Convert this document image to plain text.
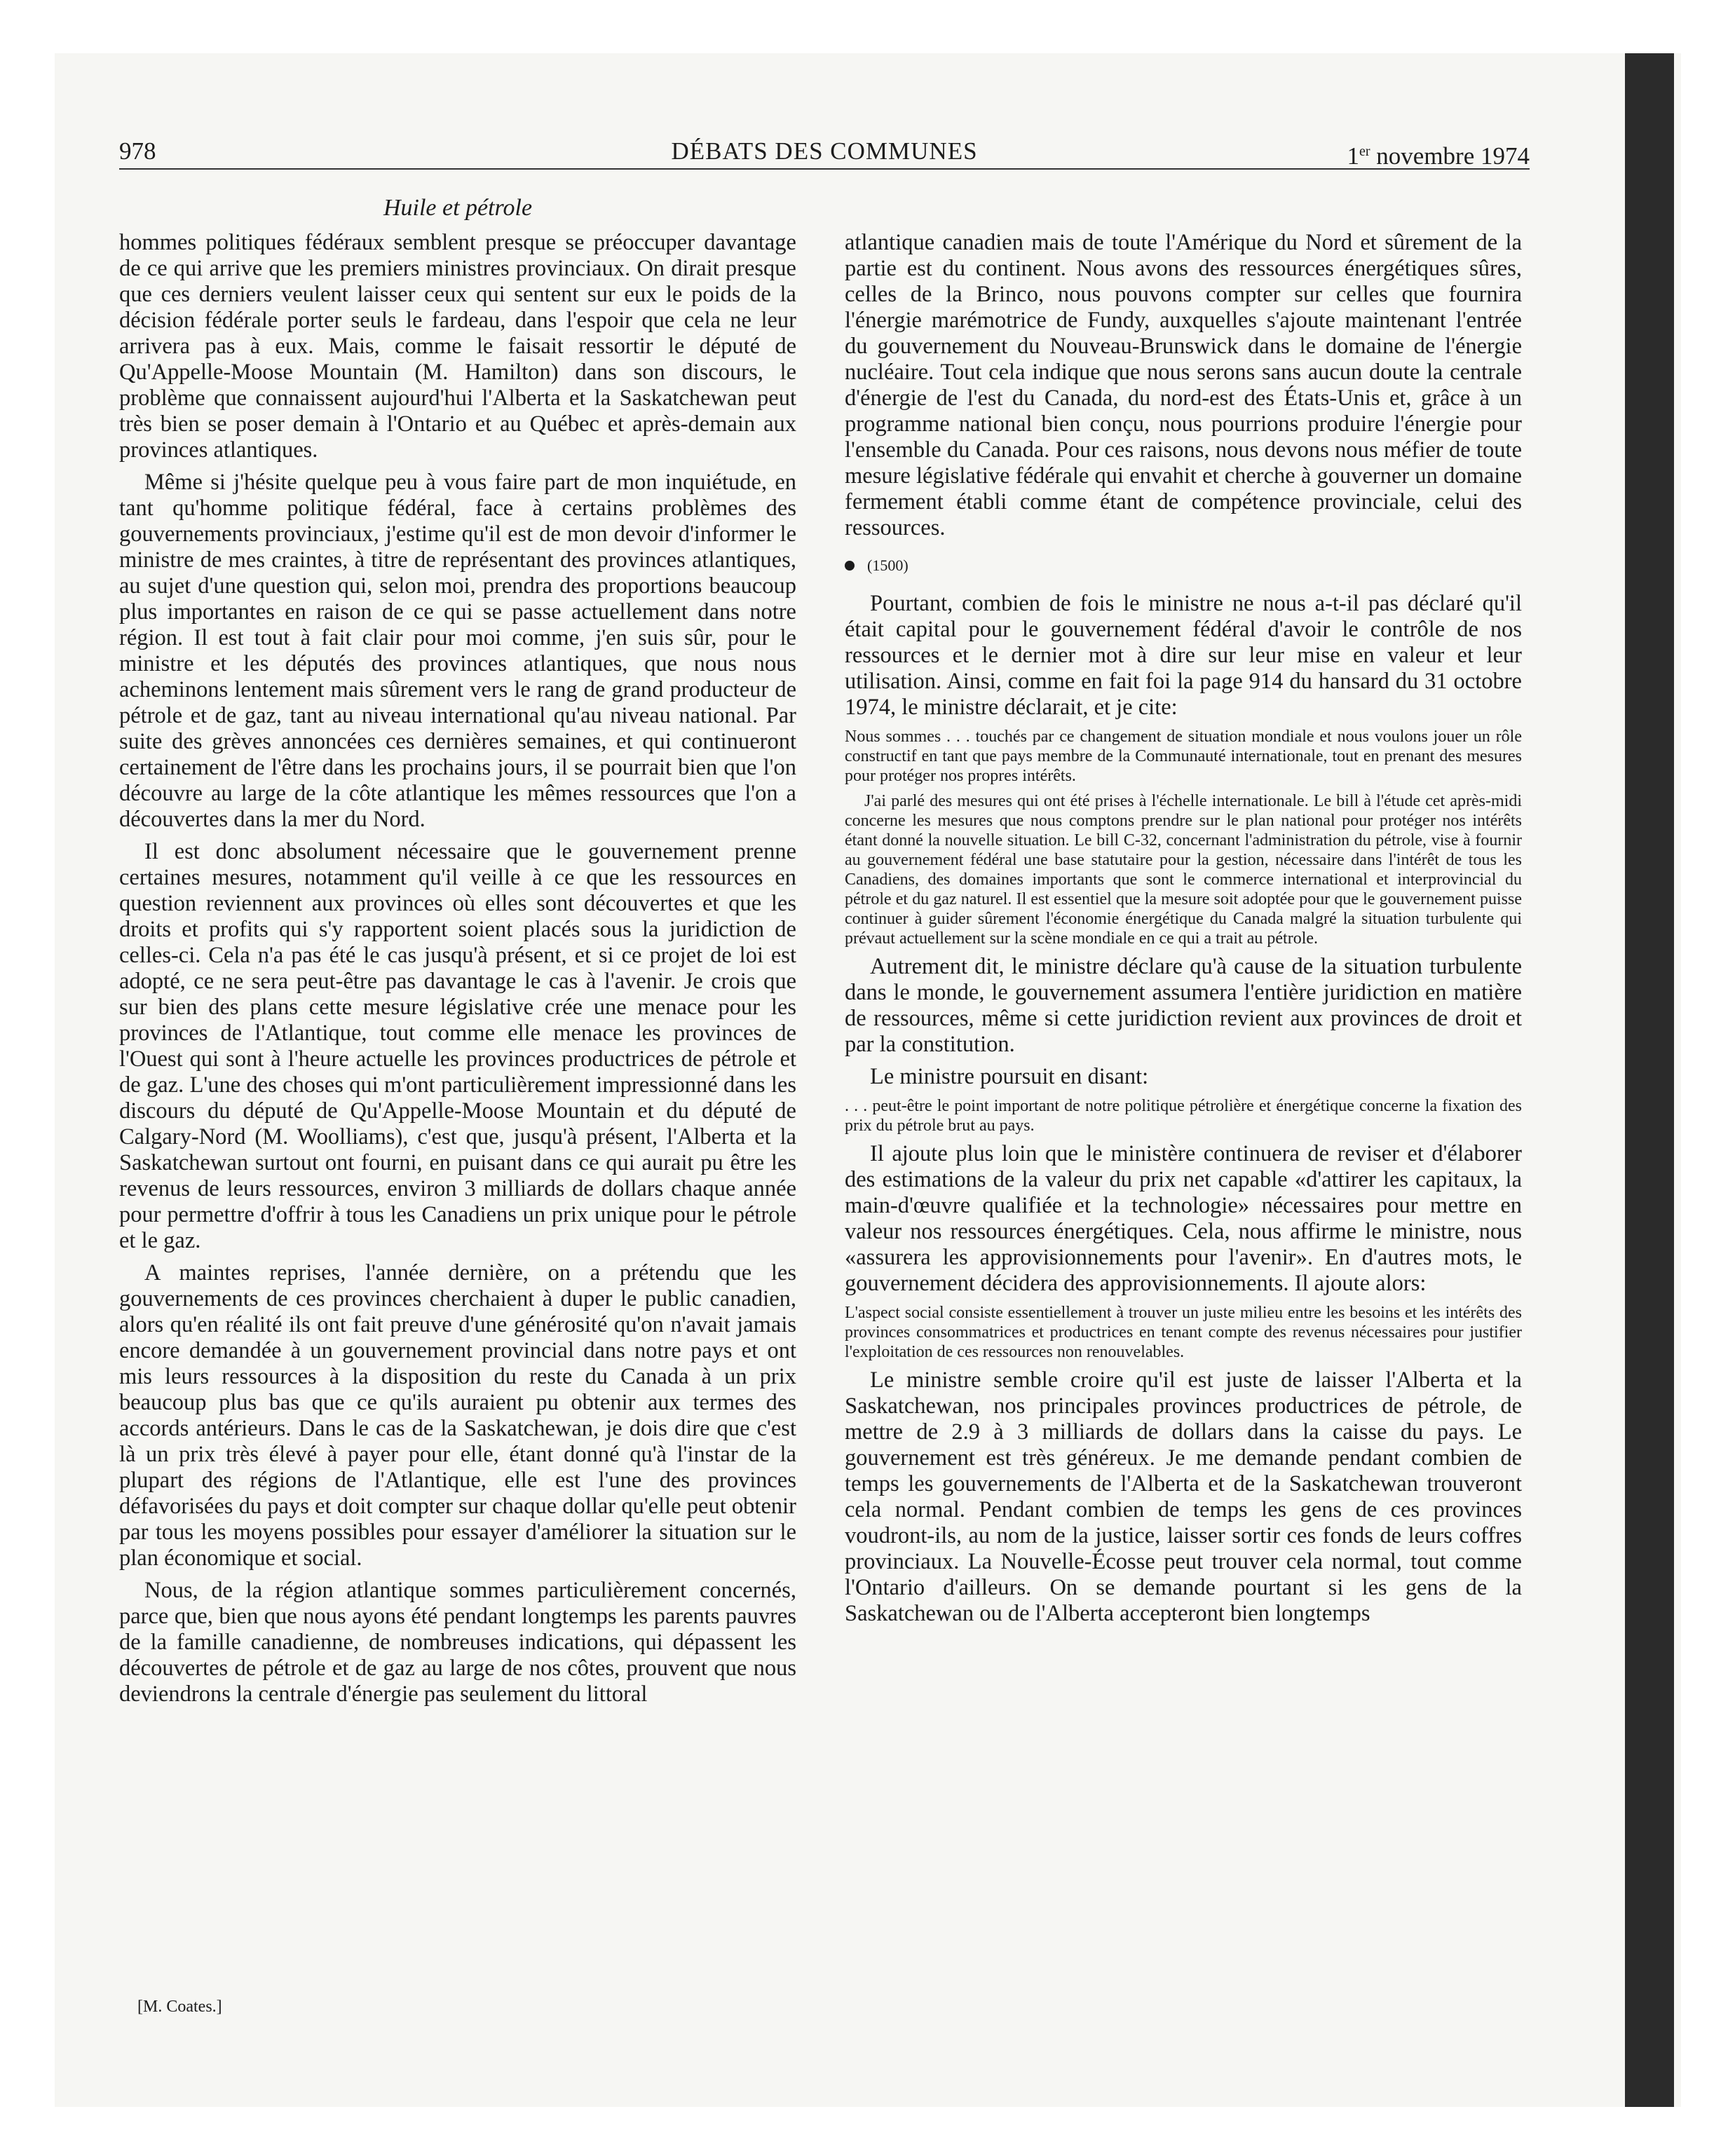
978	DÉBATS DES COMMUNES	1er novembre 1974
Huile et pétrole

hommes politiques fédéraux semblent presque se préoccuper davantage de ce qui arrive que les premiers ministres provinciaux. On dirait presque que ces derniers veulent laisser ceux qui sentent sur eux le poids de la décision fédérale porter seuls le fardeau, dans l'espoir que cela ne leur arrivera pas à eux. Mais, comme le faisait ressortir le député de Qu'Appelle-Moose Mountain (M. Hamilton) dans son discours, le problème que connaissent aujourd'hui l'Alberta et la Saskatchewan peut très bien se poser demain à l'Ontario et au Québec et après-demain aux provinces atlantiques.

Même si j'hésite quelque peu à vous faire part de mon inquiétude, en tant qu'homme politique fédéral, face à certains problèmes des gouvernements provinciaux, j'estime qu'il est de mon devoir d'informer le ministre de mes craintes, à titre de représentant des provinces atlantiques, au sujet d'une question qui, selon moi, prendra des proportions beaucoup plus importantes en raison de ce qui se passe actuellement dans notre région. Il est tout à fait clair pour moi comme, j'en suis sûr, pour le ministre et les députés des provinces atlantiques, que nous nous acheminons lentement mais sûrement vers le rang de grand producteur de pétrole et de gaz, tant au niveau international qu'au niveau national. Par suite des grèves annoncées ces dernières semaines, et qui continueront certainement de l'être dans les prochains jours, il se pourrait bien que l'on découvre au large de la côte atlantique les mêmes ressources que l'on a découvertes dans la mer du Nord.

Il est donc absolument nécessaire que le gouvernement prenne certaines mesures, notamment qu'il veille à ce que les ressources en question reviennent aux provinces où elles sont découvertes et que les droits et profits qui s'y rapportent soient placés sous la juridiction de celles-ci. Cela n'a pas été le cas jusqu'à présent, et si ce projet de loi est adopté, ce ne sera peut-être pas davantage le cas à l'avenir. Je crois que sur bien des plans cette mesure législative crée une menace pour les provinces de l'Atlantique, tout comme elle menace les provinces de l'Ouest qui sont à l'heure actuelle les provinces productrices de pétrole et de gaz. L'une des choses qui m'ont particulièrement impressionné dans les discours du député de Qu'Appelle-Moose Mountain et du député de Calgary-Nord (M. Woolliams), c'est que, jusqu'à présent, l'Alberta et la Saskatchewan surtout ont fourni, en puisant dans ce qui aurait pu être les revenus de leurs ressources, environ 3 milliards de dollars chaque année pour permettre d'offrir à tous les Canadiens un prix unique pour le pétrole et le gaz.

A maintes reprises, l'année dernière, on a prétendu que les gouvernements de ces provinces cherchaient à duper le public canadien, alors qu'en réalité ils ont fait preuve d'une générosité qu'on n'avait jamais encore demandée à un gouvernement provincial dans notre pays et ont mis leurs ressources à la disposition du reste du Canada à un prix beaucoup plus bas que ce qu'ils auraient pu obtenir aux termes des accords antérieurs. Dans le cas de la Saskatchewan, je dois dire que c'est là un prix très élevé à payer pour elle, étant donné qu'à l'instar de la plupart des régions de l'Atlantique, elle est l'une des provinces défavorisées du pays et doit compter sur chaque dollar qu'elle peut obtenir par tous les moyens possibles pour essayer d'améliorer la situation sur le plan économique et social.

Nous, de la région atlantique sommes particulièrement concernés, parce que, bien que nous ayons été pendant longtemps les parents pauvres de la famille canadienne, de nombreuses indications, qui dépassent les découvertes de pétrole et de gaz au large de nos côtes, prouvent que nous deviendrons la centrale d'énergie pas seulement du littoral

atlantique canadien mais de toute l'Amérique du Nord et sûrement de la partie est du continent. Nous avons des ressources énergétiques sûres, celles de la Brinco, nous pouvons compter sur celles que fournira l'énergie marémotrice de Fundy, auxquelles s'ajoute maintenant l'entrée du gouvernement du Nouveau-Brunswick dans le domaine de l'énergie nucléaire. Tout cela indique que nous serons sans aucun doute la centrale d'énergie de l'est du Canada, du nord-est des États-Unis et, grâce à un programme national bien conçu, nous pourrions produire l'énergie pour l'ensemble du Canada. Pour ces raisons, nous devons nous méfier de toute mesure législative fédérale qui envahit et cherche à gouverner un domaine fermement établi comme étant de compétence provinciale, celui des ressources.

(1500)

Pourtant, combien de fois le ministre ne nous a-t-il pas déclaré qu'il était capital pour le gouvernement fédéral d'avoir le contrôle de nos ressources et le dernier mot à dire sur leur mise en valeur et leur utilisation. Ainsi, comme en fait foi la page 914 du hansard du 31 octobre 1974, le ministre déclarait, et je cite:

Nous sommes . . . touchés par ce changement de situation mondiale et nous voulons jouer un rôle constructif en tant que pays membre de la Communauté internationale, tout en prenant des mesures pour protéger nos propres intérêts.

J'ai parlé des mesures qui ont été prises à l'échelle internationale. Le bill à l'étude cet après-midi concerne les mesures que nous comptons prendre sur le plan national pour protéger nos intérêts étant donné la nouvelle situation. Le bill C-32, concernant l'administration du pétrole, vise à fournir au gouvernement fédéral une base statutaire pour la gestion, nécessaire dans l'intérêt de tous les Canadiens, des domaines importants que sont le commerce international et interprovincial du pétrole et du gaz naturel. Il est essentiel que la mesure soit adoptée pour que le gouvernement puisse continuer à guider sûrement l'économie énergétique du Canada malgré la situation turbulente qui prévaut actuellement sur la scène mondiale en ce qui a trait au pétrole.

Autrement dit, le ministre déclare qu'à cause de la situation turbulente dans le monde, le gouvernement assumera l'entière juridiction en matière de ressources, même si cette juridiction revient aux provinces de droit et par la constitution.

Le ministre poursuit en disant:

. . . peut-être le point important de notre politique pétrolière et énergétique concerne la fixation des prix du pétrole brut au pays.

Il ajoute plus loin que le ministère continuera de reviser et d'élaborer des estimations de la valeur du prix net capable «d'attirer les capitaux, la main-d'œuvre qualifiée et la technologie» nécessaires pour mettre en valeur nos ressources énergétiques. Cela, nous affirme le ministre, nous «assurera les approvisionnements pour l'avenir». En d'autres mots, le gouvernement décidera des approvisionnements. Il ajoute alors:

L'aspect social consiste essentiellement à trouver un juste milieu entre les besoins et les intérêts des provinces consommatrices et productrices en tenant compte des revenus nécessaires pour justifier l'exploitation de ces ressources non renouvelables.

Le ministre semble croire qu'il est juste de laisser l'Alberta et la Saskatchewan, nos principales provinces productrices de pétrole, de mettre de 2.9 à 3 milliards de dollars dans la caisse du pays. Le gouvernement est très généreux. Je me demande pendant combien de temps les gouvernements de l'Alberta et de la Saskatchewan trouveront cela normal. Pendant combien de temps les gens de ces provinces voudront-ils, au nom de la justice, laisser sortir ces fonds de leurs coffres provinciaux. La Nouvelle-Écosse peut trouver cela normal, tout comme l'Ontario d'ailleurs. On se demande pourtant si les gens de la Saskatchewan ou de l'Alberta accepteront bien longtemps

[M. Coates.]
